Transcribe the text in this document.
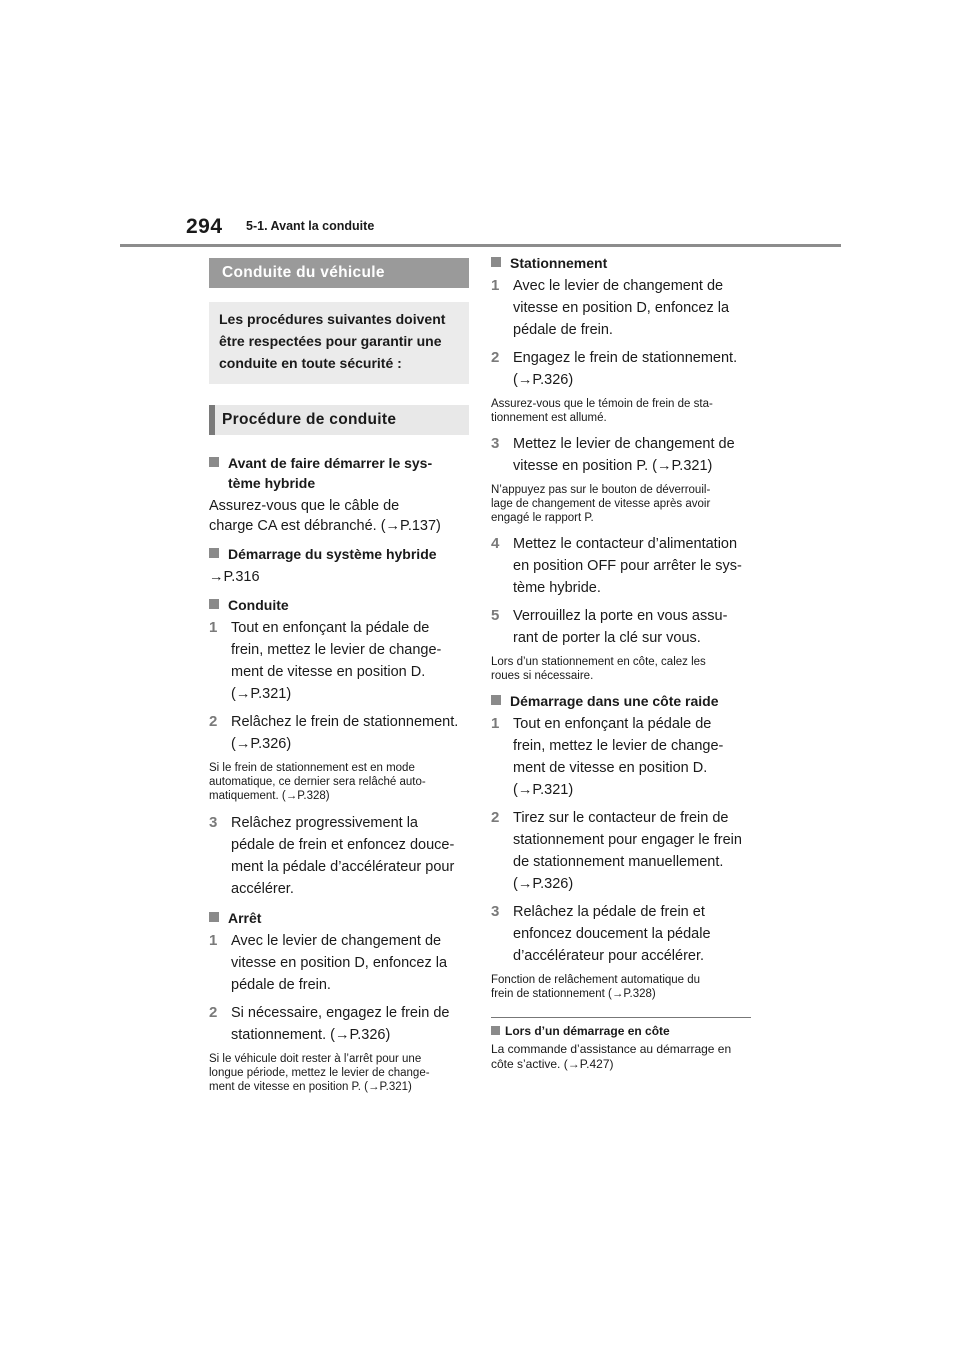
294 5-1. Avant la conduite
Conduite du véhicule
Les procédures suivantes doivent
être respectées pour garantir une
conduite en toute sécurité :
Procédure de conduite
Avant de faire démarrer le sys-
tème hybride
Assurez-vous que le câble de
charge CA est débranché. (→P.137)
Démarrage du système hybride
→P.316
Conduite
1 Tout en enfonçant la pédale de
frein, mettez le levier de change-
ment de vitesse en position D.
(→P.321)
2 Relâchez le frein de stationnement.
(→P.326)
Si le frein de stationnement est en mode
automatique, ce dernier sera relâché auto-
matiquement. (→P.328)
3 Relâchez progressivement la
pédale de frein et enfoncez douce-
ment la pédale d’accélérateur pour
accélérer.
Arrêt
1 Avec le levier de changement de
vitesse en position D, enfoncez la
pédale de frein.
2 Si nécessaire, engagez le frein de
stationnement. (→P.326)
Si le véhicule doit rester à l’arrêt pour une
longue période, mettez le levier de change-
ment de vitesse en position P. (→P.321)
Stationnement
1 Avec le levier de changement de
vitesse en position D, enfoncez la
pédale de frein.
2 Engagez le frein de stationnement.
(→P.326)
Assurez-vous que le témoin de frein de sta-
tionnement est allumé.
3 Mettez le levier de changement de
vitesse en position P. (→P.321)
N’appuyez pas sur le bouton de déverrouil-
lage de changement de vitesse après avoir
engagé le rapport P.
4 Mettez le contacteur d’alimentation
en position OFF pour arrêter le sys-
tème hybride.
5 Verrouillez la porte en vous assu-
rant de porter la clé sur vous.
Lors d’un stationnement en côte, calez les
roues si nécessaire.
Démarrage dans une côte raide
1 Tout en enfonçant la pédale de
frein, mettez le levier de change-
ment de vitesse en position D.
(→P.321)
2 Tirez sur le contacteur de frein de
stationnement pour engager le frein
de stationnement manuellement.
(→P.326)
3 Relâchez la pédale de frein et
enfoncez doucement la pédale
d’accélérateur pour accélérer.
Fonction de relâchement automatique du
frein de stationnement (→P.328)
Lors d’un démarrage en côte
La commande d’assistance au démarrage en
côte s’active. (→P.427)
